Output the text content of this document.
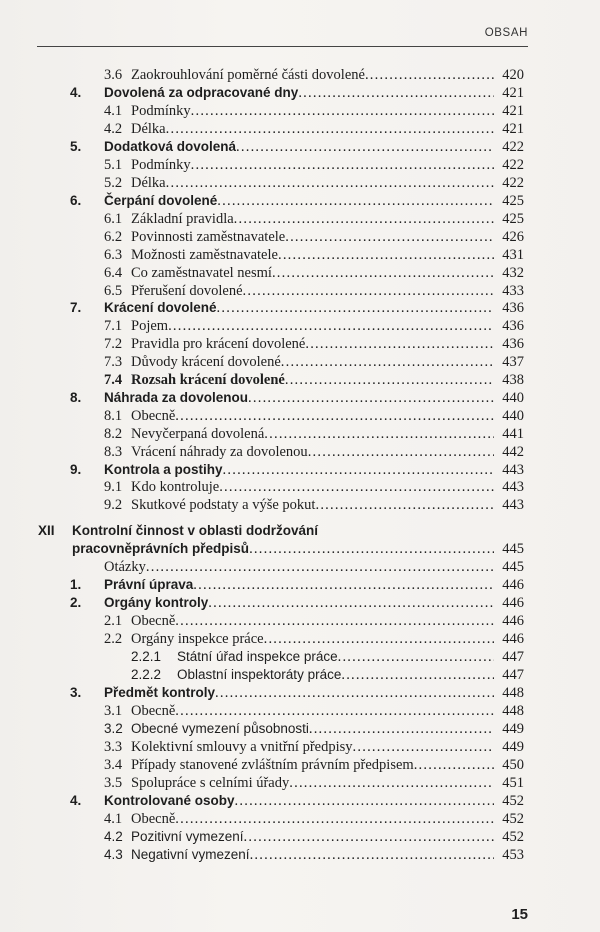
OBSAH
3.6 Zaokrouhlování poměrné části dovolené . . .	420
4. Dovolená za odpracované dny . . .	421
4.1 Podmínky . . .	421
4.2 Délka . . .	421
5. Dodatková dovolená . . .	422
5.1 Podmínky . . .	422
5.2 Délka . . .	422
6. Čerpání dovolené . . .	425
6.1 Základní pravidla . . .	425
6.2 Povinnosti zaměstnavatele . . .	426
6.3 Možnosti zaměstnavatele . . .	431
6.4 Co zaměstnavatel nesmí . . .	432
6.5 Přerušení dovolené . . .	433
7. Krácení dovolené . . .	436
7.1 Pojem . . .	436
7.2 Pravidla pro krácení dovolené . . .	436
7.3 Důvody krácení dovolené . . .	437
7.4 Rozsah krácení dovolené . . .	438
8. Náhrada za dovolenou . . .	440
8.1 Obecně . . .	440
8.2 Nevyčerpaná dovolená . . .	441
8.3 Vrácení náhrady za dovolenou . . .	442
9. Kontrola a postihy . . .	443
9.1 Kdo kontroluje . . .	443
9.2 Skutkové podstaty a výše pokut . . .	443
XII Kontrolní činnost v oblasti dodržování
pracovněprávních předpisů . . .	445
Otázky . . .	445
1. Právní úprava . . .	446
2. Orgány kontroly . . .	446
2.1 Obecně . . .	446
2.2 Orgány inspekce práce . . .	446
2.2.1 Státní úřad inspekce práce . . .	447
2.2.2 Oblastní inspektoráty práce . . .	447
3. Předmět kontroly . . .	448
3.1 Obecně . . .	448
3.2 Obecné vymezení působnosti . . .	449
3.3 Kolektivní smlouvy a vnitřní předpisy . . .	449
3.4 Případy stanovené zvláštním právním předpisem . . .	450
3.5 Spolupráce s celními úřady . . .	451
4. Kontrolované osoby . . .	452
4.1 Obecně . . .	452
4.2 Pozitivní vymezení . . .	452
4.3 Negativní vymezení . . .	453
15
